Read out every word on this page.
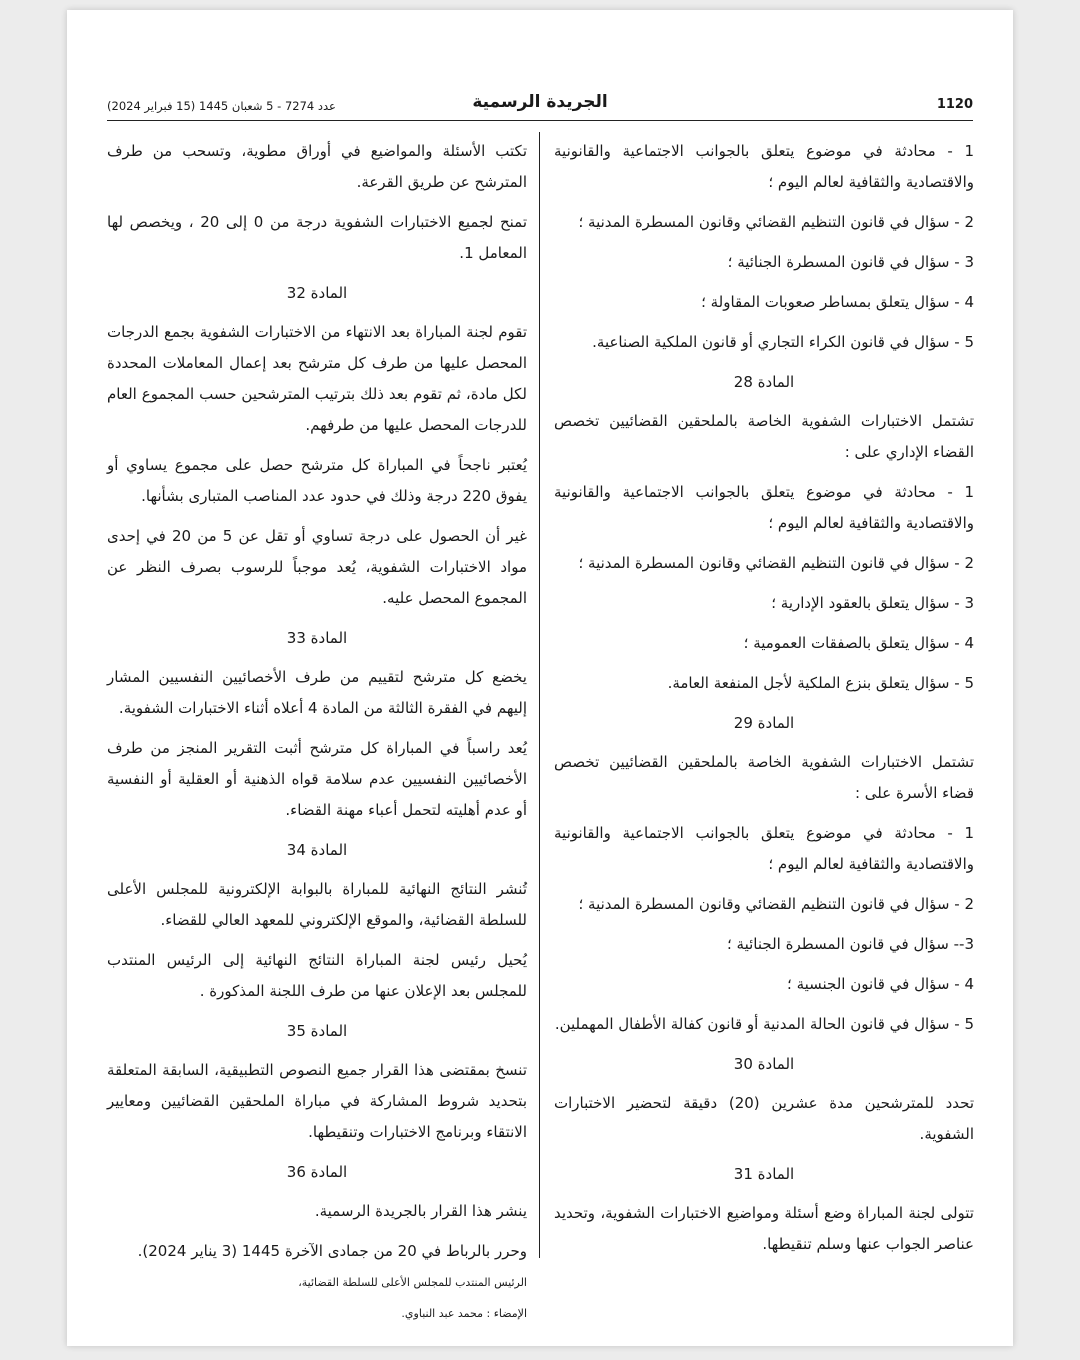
عدد 7274 - 5 شعبان 1445 (15 فبراير 2024)	الجريدة الرسمية	1120

1 - محادثة في موضوع يتعلق بالجوانب الاجتماعية والقانونية والاقتصادية والثقافية لعالم اليوم ؛

2 - سؤال في قانون التنظيم القضائي وقانون المسطرة المدنية ؛

3 - سؤال في قانون المسطرة الجنائية ؛

4 - سؤال يتعلق بمساطر صعوبات المقاولة ؛

5 - سؤال في قانون الكراء التجاري أو قانون الملكية الصناعية.

المادة 28

تشتمل الاختبارات الشفوية الخاصة بالملحقين القضائيين تخصص القضاء الإداري على :

1 - محادثة في موضوع يتعلق بالجوانب الاجتماعية والقانونية والاقتصادية والثقافية لعالم اليوم ؛

2 - سؤال في قانون التنظيم القضائي وقانون المسطرة المدنية ؛

3 - سؤال يتعلق بالعقود الإدارية ؛

4 - سؤال يتعلق بالصفقات العمومية ؛

5 - سؤال يتعلق بنزع الملكية لأجل المنفعة العامة.

المادة 29

تشتمل الاختبارات الشفوية الخاصة بالملحقين القضائيين تخصص قضاء الأسرة على :

1 - محادثة في موضوع يتعلق بالجوانب الاجتماعية والقانونية والاقتصادية والثقافية لعالم اليوم ؛

2 - سؤال في قانون التنظيم القضائي وقانون المسطرة المدنية ؛

3-- سؤال في قانون المسطرة الجنائية ؛

4 - سؤال في قانون الجنسية ؛

5 - سؤال في قانون الحالة المدنية أو قانون كفالة الأطفال المهملين.

المادة 30

تحدد للمترشحين مدة عشرين (20) دقيقة لتحضير الاختبارات الشفوية.

المادة 31

تتولى لجنة المباراة وضع أسئلة ومواضيع الاختبارات الشفوية، وتحديد عناصر الجواب عنها وسلم تنقيطها.

تكتب الأسئلة والمواضيع في أوراق مطوية، وتسحب من طرف المترشح عن طريق القرعة.

تمنح لجميع الاختبارات الشفوية درجة من 0 إلى 20 ، ويخصص لها المعامل 1.

المادة 32

تقوم لجنة المباراة بعد الانتهاء من الاختبارات الشفوية بجمع الدرجات المحصل عليها من طرف كل مترشح بعد إعمال المعاملات المحددة لكل مادة، ثم تقوم بعد ذلك بترتيب المترشحين حسب المجموع العام للدرجات المحصل عليها من طرفهم.

يُعتبر ناجحاً في المباراة كل مترشح حصل على مجموع يساوي أو يفوق 220 درجة وذلك في حدود عدد المناصب المتبارى بشأنها.

غير أن الحصول على درجة تساوي أو تقل عن 5 من 20 في إحدى مواد الاختبارات الشفوية، يُعد موجباً للرسوب بصرف النظر عن المجموع المحصل عليه.

المادة 33

يخضع كل مترشح لتقييم من طرف الأخصائيين النفسيين المشار إليهم في الفقرة الثالثة من المادة 4 أعلاه أثناء الاختبارات الشفوية.

يُعد راسباً في المباراة كل مترشح أثبت التقرير المنجز من طرف الأخصائيين النفسيين عدم سلامة قواه الذهنية أو العقلية أو النفسية أو عدم أهليته لتحمل أعباء مهنة القضاء.

المادة 34

تُنشر النتائج النهائية للمباراة بالبوابة الإلكترونية للمجلس الأعلى للسلطة القضائية، والموقع الإلكتروني للمعهد العالي للقضاء.

يُحيل رئيس لجنة المباراة النتائج النهائية إلى الرئيس المنتدب للمجلس بعد الإعلان عنها من طرف اللجنة المذكورة .

المادة 35

تنسخ بمقتضى هذا القرار جميع النصوص التطبيقية، السابقة المتعلقة بتحديد شروط المشاركة في مباراة الملحقين القضائيين ومعايير الانتقاء وبرنامج الاختبارات وتنقيطها.

المادة 36

ينشر هذا القرار بالجريدة الرسمية.

وحرر بالرباط في 20 من جمادى الآخرة 1445 (3 يناير 2024).

الرئيس المنتدب للمجلس الأعلى للسلطة القضائية،

الإمضاء : محمد عبد النباوي.
